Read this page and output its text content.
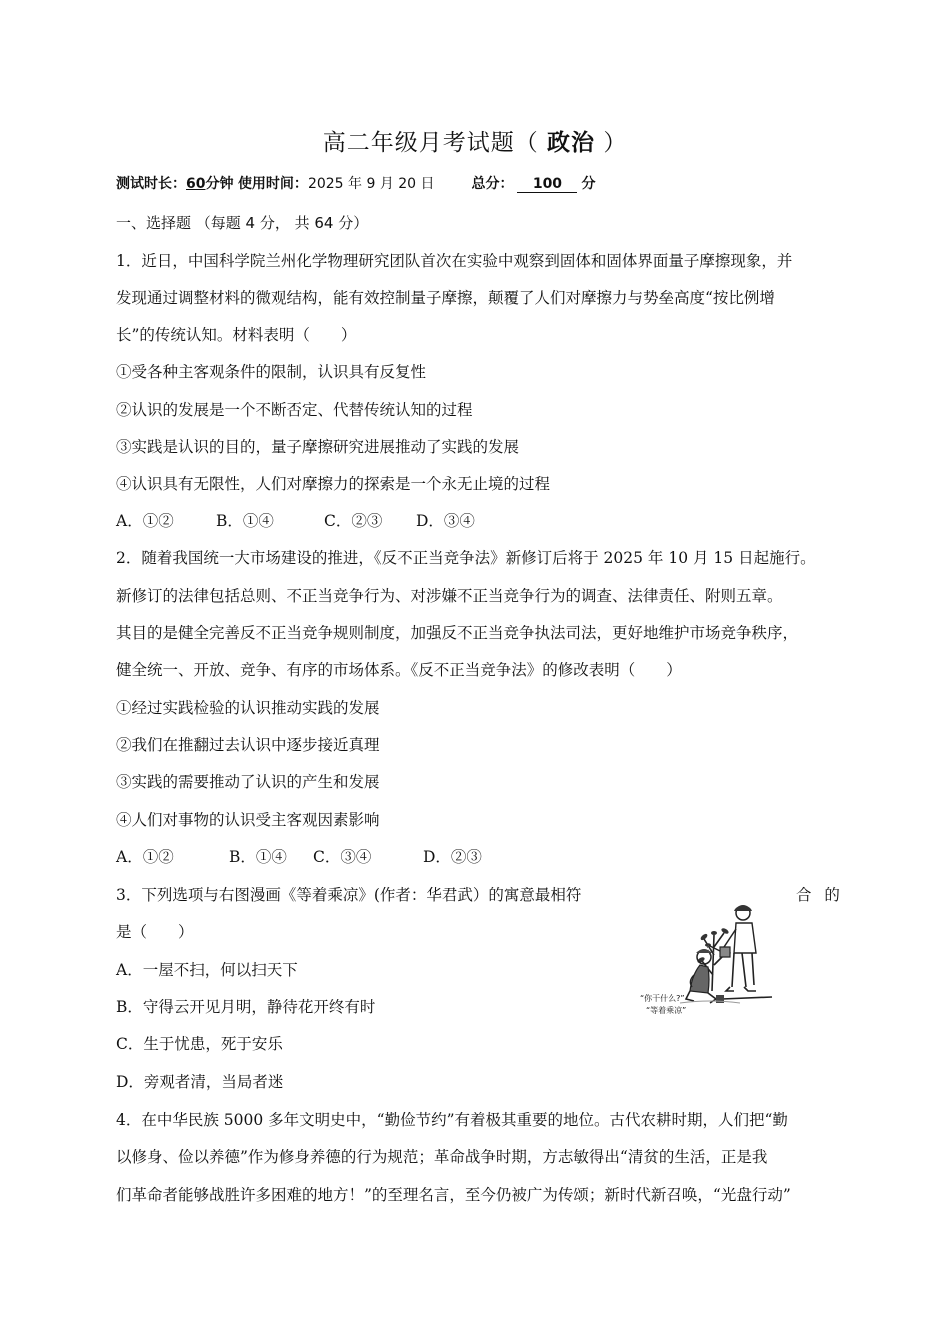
高二年级月考试题（ 政治 ）
测试时长：60分钟 使用时间：2025 年 9 月 20 日	总分： 100 分
一、选择题 （每题 4 分， 共 64 分）
1．近日，中国科学院兰州化学物理研究团队首次在实验中观察到固体和固体界面量子摩擦现象，并
发现通过调整材料的微观结构，能有效控制量子摩擦，颠覆了人们对摩擦力与势垒高度“按比例增
长”的传统认知。材料表明（　　）
①受各种主客观条件的限制，认识具有反复性
②认识的发展是一个不断否定、代替传统认知的过程
③实践是认识的目的，量子摩擦研究进展推动了实践的发展
④认识具有无限性，人们对摩擦力的探索是一个永无止境的过程
A．①②	B．①④	C．②③ D．③④
2．随着我国统一大市场建设的推进，《反不正当竞争法》新修订后将于 2025 年 10 月 15 日起施行。
新修订的法律包括总则、不正当竞争行为、对涉嫌不正当竞争行为的调查、法律责任、附则五章。
其目的是健全完善反不正当竞争规则制度，加强反不正当竞争执法司法，更好地维护市场竞争秩序，
健全统一、开放、竞争、有序的市场体系。《反不正当竞争法》的修改表明（　　）
①经过实践检验的认识推动实践的发展
②我们在推翻过去认识中逐步接近真理
③实践的需要推动了认识的产生和发展
④人们对事物的认识受主客观因素影响
A．①②	B．①④ C．③④	D．②③
3．下列选项与右图漫画《等着乘凉》(作者：华君武）的寓意最相符	合 的
是（　　）
A．一屋不扫，何以扫天下
B．守得云开见月明，静待花开终有时
C．生于忧患，死于安乐
D．旁观者清，当局者迷
“你干什么?”
“等着乘凉”
4．在中华民族 5000 多年文明史中，“勤俭节约”有着极其重要的地位。古代农耕时期，人们把“勤
以修身、俭以养德”作为修身养德的行为规范；革命战争时期，方志敏得出“清贫的生活，正是我
们革命者能够战胜许多困难的地方！”的至理名言，至今仍被广为传颂；新时代新召唤，“光盘行动”
